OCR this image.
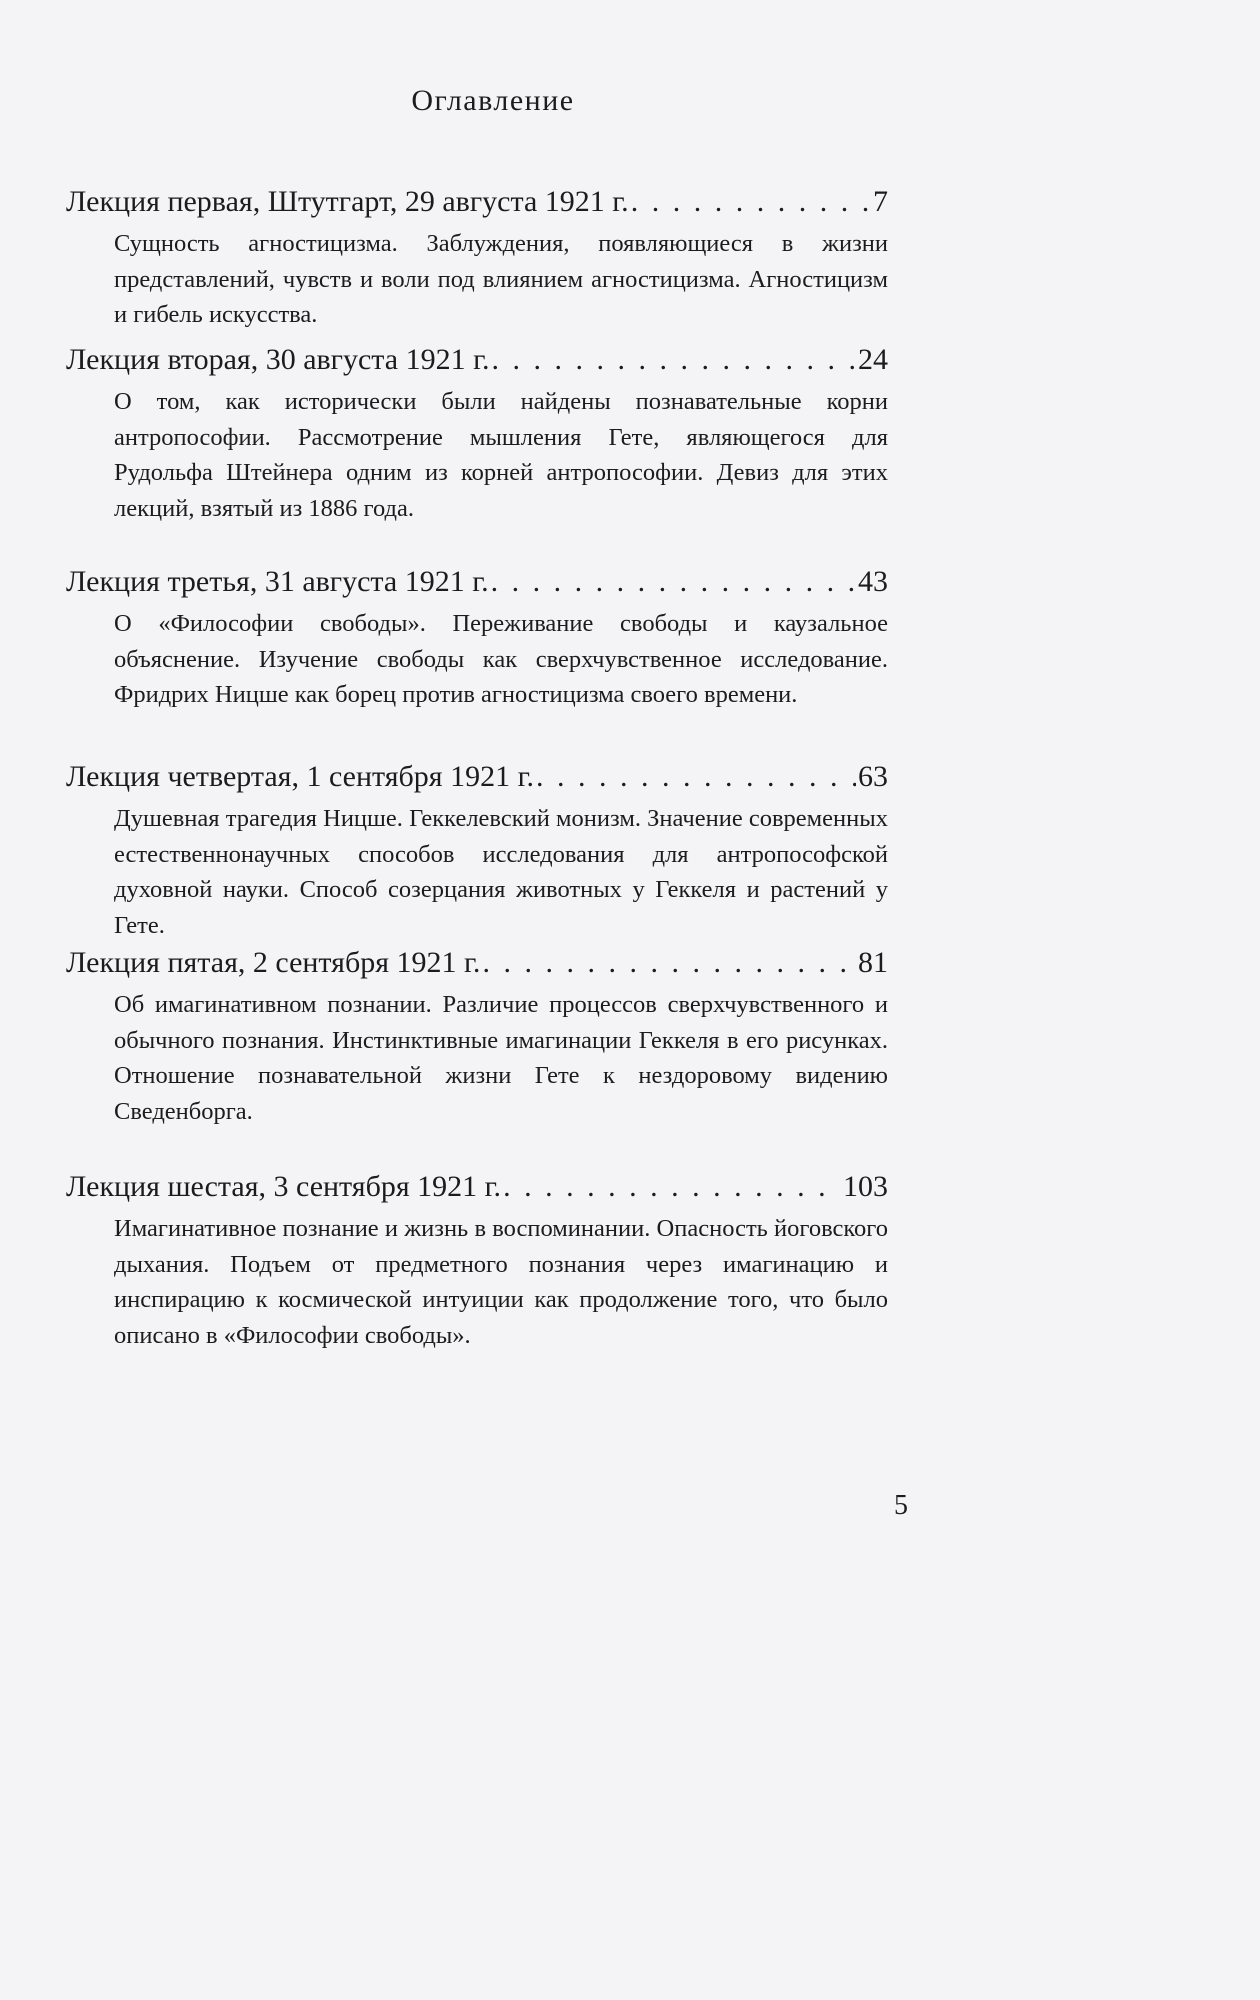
Оглавление
Лекция первая, Штутгарт, 29 августа 1921 г. . . .	7
Сущность агностицизма. Заблуждения, появляющиеся в жизни представлений, чувств и воли под влиянием агностицизма. Агностицизм и гибель искусства.
Лекция вторая, 30 августа 1921 г. . . .	24
О том, как исторически были найдены познавательные корни антропософии. Рассмотрение мышления Гете, являющегося для Рудольфа Штейнера одним из корней антропософии. Девиз для этих лекций, взятый из 1886 года.
Лекция третья, 31 августа 1921 г. . . .	43
О «Философии свободы». Переживание свободы и каузальное объяснение. Изучение свободы как сверхчувственное исследование. Фридрих Ницше как борец против агностицизма своего времени.
Лекция четвертая, 1 сентября 1921 г. . . .	63
Душевная трагедия Ницше. Геккелевский монизм. Значение современных естественнонаучных способов исследования для антропософской духовной науки. Способ созерцания животных у Геккеля и растений у Гете.
Лекция пятая, 2 сентября 1921 г. . . .	81
Об имагинативном познании. Различие процессов сверхчувственного и обычного познания. Инстинктивные имагинации Геккеля в его рисунках. Отношение познавательной жизни Гете к нездоровому видению Сведенборга.
Лекция шестая, 3 сентября 1921 г. . . .	103
Имагинативное познание и жизнь в воспоминании. Опасность йоговского дыхания. Подъем от предметного познания через имагинацию и инспирацию к космической интуиции как продолжение того, что было описано в «Философии свободы».
5
